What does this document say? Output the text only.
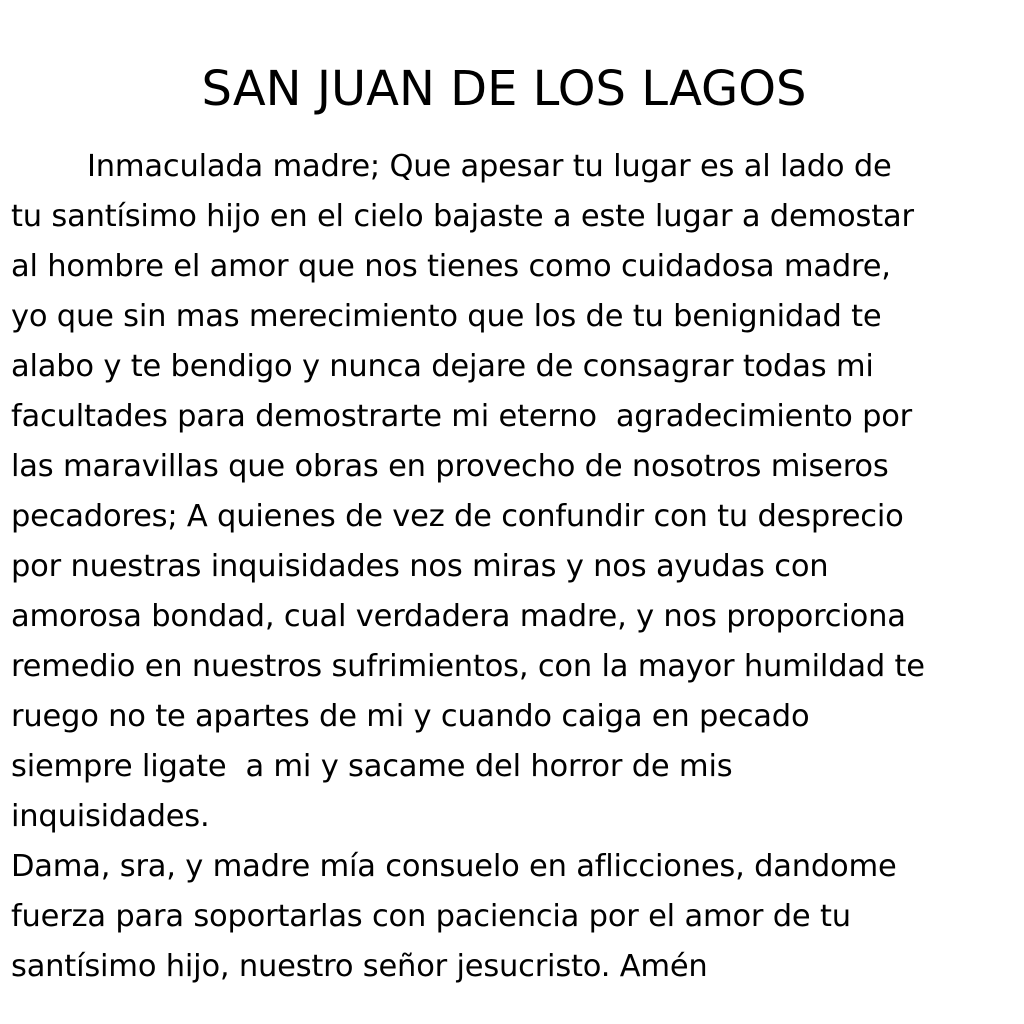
SAN JUAN DE LOS LAGOS
Inmaculada madre; Que apesar tu lugar es al lado de
tu santísimo hijo en el cielo bajaste a este lugar a demostar
al hombre el amor que nos tienes como cuidadosa madre,
yo que sin mas merecimiento que los de tu benignidad te
alabo y te bendigo y nunca dejare de consagrar todas mi
facultades para demostrarte mi eterno  agradecimiento por
las maravillas que obras en provecho de nosotros miseros
pecadores; A quienes de vez de confundir con tu desprecio
por nuestras inquisidades nos miras y nos ayudas con
amorosa bondad, cual verdadera madre, y nos proporciona
remedio en nuestros sufrimientos, con la mayor humildad te
ruego no te apartes de mi y cuando caiga en pecado
siempre ligate  a mi y sacame del horror de mis
inquisidades.
Dama, sra, y madre mía consuelo en aflicciones, dandome
fuerza para soportarlas con paciencia por el amor de tu
santísimo hijo, nuestro señor jesucristo. Amén
